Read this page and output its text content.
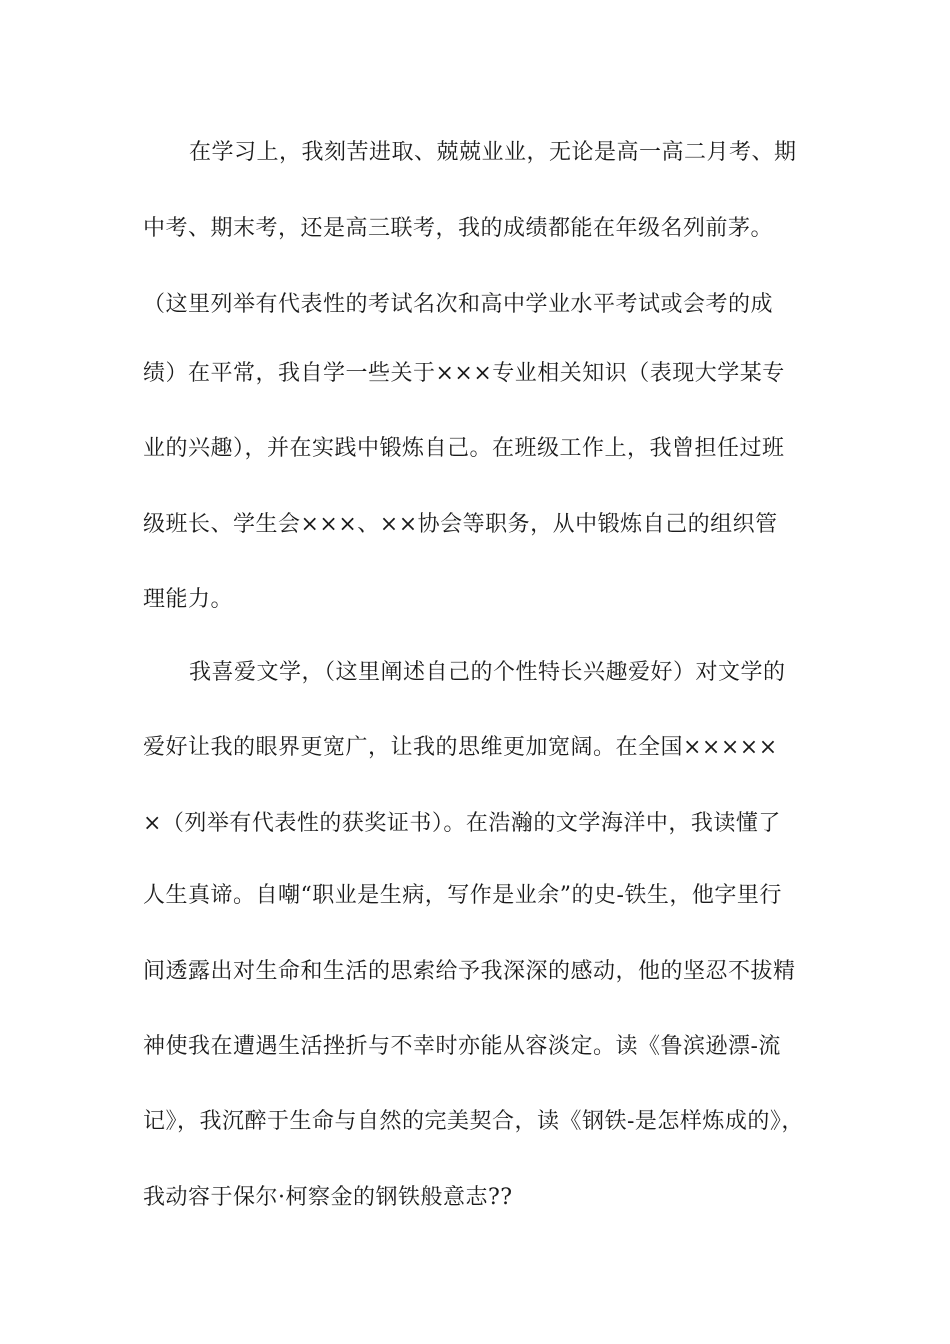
在学习上，我刻苦进取、兢兢业业，无论是高一高二月考、期
中考、期末考，还是高三联考，我的成绩都能在年级名列前茅。
（这里列举有代表性的考试名次和高中学业水平考试或会考的成
绩）在平常，我自学一些关于×××专业相关知识（表现大学某专
业的兴趣），并在实践中锻炼自己。在班级工作上，我曾担任过班
级班长、学生会×××、××协会等职务，从中锻炼自己的组织管
理能力。
我喜爱文学，（这里阐述自己的个性特长兴趣爱好）对文学的
爱好让我的眼界更宽广，让我的思维更加宽阔。在全国×××××
×（列举有代表性的获奖证书）。在浩瀚的文学海洋中，我读懂了
人生真谛。自嘲“职业是生病，写作是业余”的史-铁生，他字里行
间透露出对生命和生活的思索给予我深深的感动，他的坚忍不拔精
神使我在遭遇生活挫折与不幸时亦能从容淡定。读《鲁滨逊漂-流
记》，我沉醉于生命与自然的完美契合，读《钢铁-是怎样炼成的》，
我动容于保尔·柯察金的钢铁般意志??
